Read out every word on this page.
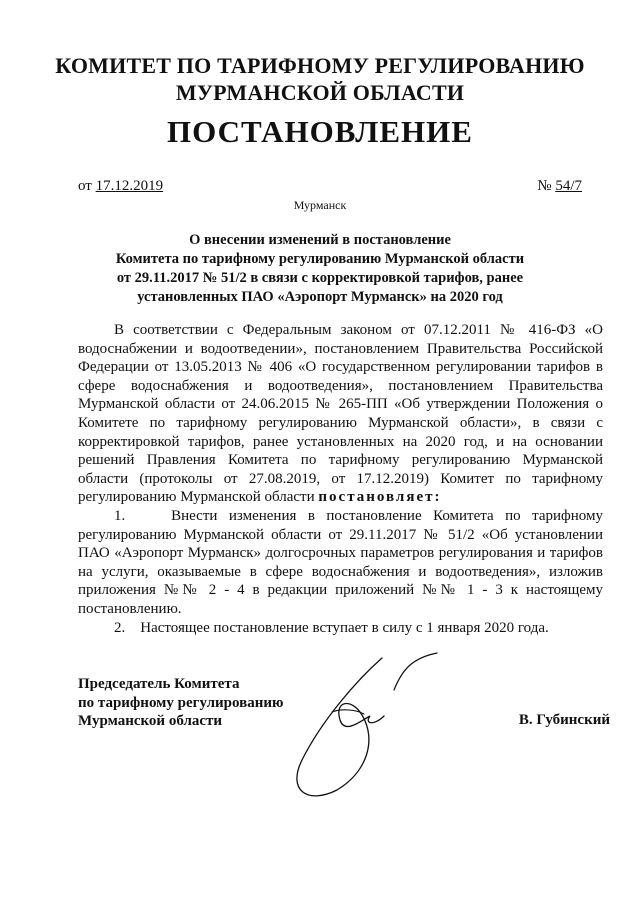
КОМИТЕТ ПО ТАРИФНОМУ РЕГУЛИРОВАНИЮ
МУРМАНСКОЙ ОБЛАСТИ
ПОСТАНОВЛЕНИЕ
от 17.12.2019	№ 54/7
Мурманск
О внесении изменений в постановление
Комитета по тарифному регулированию Мурманской области
от 29.11.2017 № 51/2 в связи с корректировкой тарифов, ранее
установленных ПАО «Аэропорт Мурманск» на 2020 год

В соответствии с Федеральным законом от 07.12.2011 № 416-ФЗ «О водоснабжении и водоотведении», постановлением Правительства Российской Федерации от 13.05.2013 № 406 «О государственном регулировании тарифов в сфере водоснабжения и водоотведения», постановлением Правительства Мурманской области от 24.06.2015 № 265-ПП «Об утверждении Положения о Комитете по тарифному регулированию Мурманской области», в связи с корректировкой тарифов, ранее установленных на 2020 год, и на основании решений Правления Комитета по тарифному регулированию Мурманской области (протоколы от 27.08.2019, от 17.12.2019) Комитет по тарифному регулированию Мурманской области постановляет:

1.	Внести изменения в постановление Комитета по тарифному регулированию Мурманской области от 29.11.2017 № 51/2 «Об установлении ПАО «Аэропорт Мурманск» долгосрочных параметров регулирования и тарифов на услуги, оказываемые в сфере водоснабжения и водоотведения», изложив приложения №№ 2 - 4 в редакции приложений №№ 1 - 3 к настоящему постановлению.

2. Настоящее постановление вступает в силу с 1 января 2020 года.

Председатель Комитета
по тарифному регулированию
Мурманской области	В. Губинский
